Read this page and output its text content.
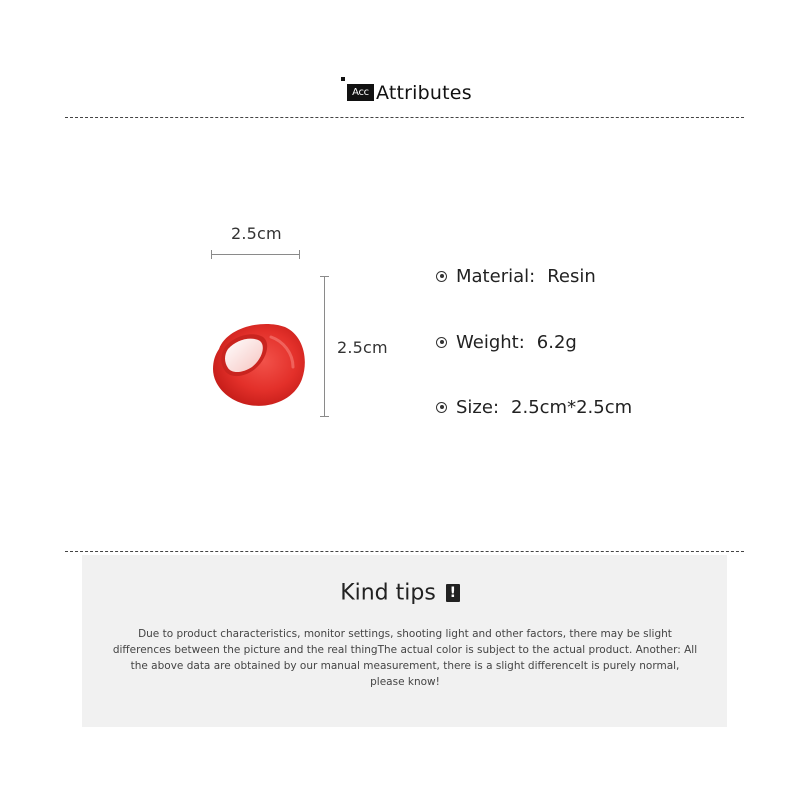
Acc Attributes
2.5cm
2.5cm
Material : Resin
Weight : 6.2g
Size : 2.5cm*2.5cm
Kind tips !
Due to product characteristics, monitor settings, shooting light and other factors, there may be slight differences between the picture and the real thingThe actual color is subject to the actual product. Another: All the above data are obtained by our manual measurement, there is a slight differenceIt is purely normal, please know!
